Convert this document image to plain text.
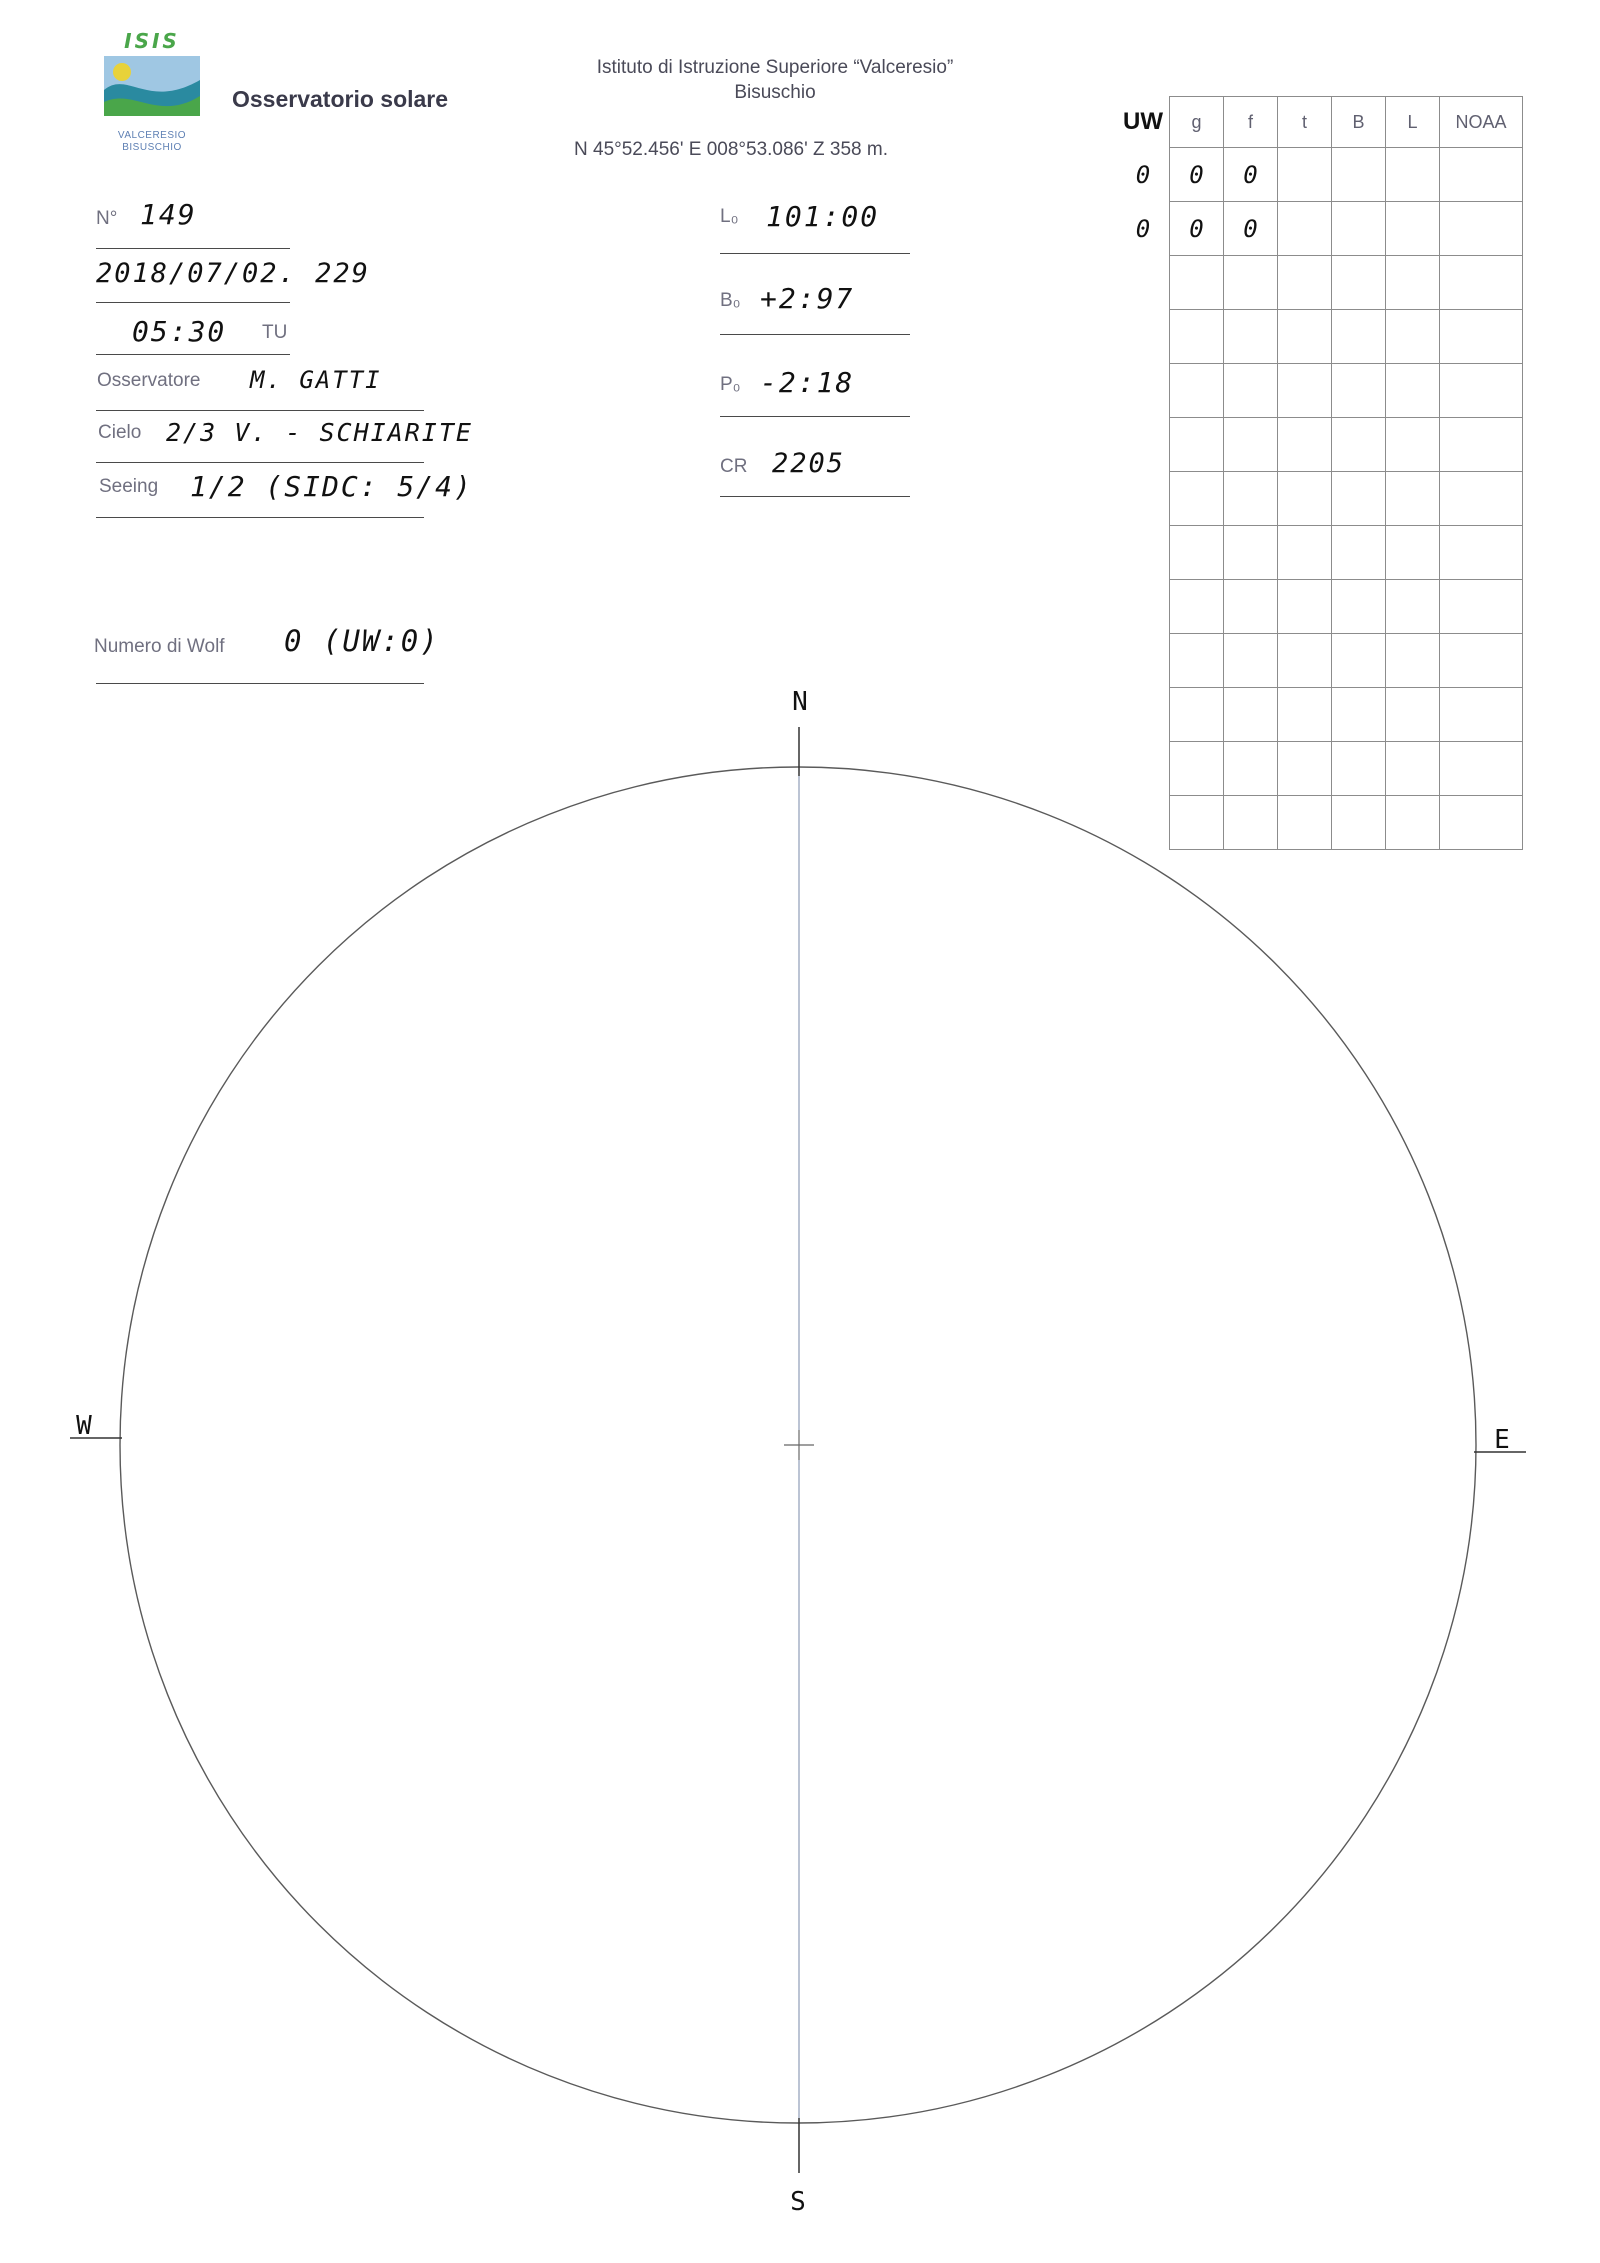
ISIS
VALCERESIO
BISUSCHIO
Osservatorio solare
Istituto di Istruzione Superiore “Valceresio”
Bisuschio
N 45°52.456' E 008°53.086' Z 358 m.
N° 149
2018/07/02. 229
05:30 TU
Osservatore M. GATTI
Cielo 2/3 V. - SCHIARITE
Seeing 1/2 (SIDC: 5/4)
Numero di Wolf 0 (UW:0)
L₀ 101:00
B₀ +2:97
P₀ -2:18
CR 2205
UW	g	f	t	B	L	NOAA
0	0	0				
0	0	0				

N
S
W	E
